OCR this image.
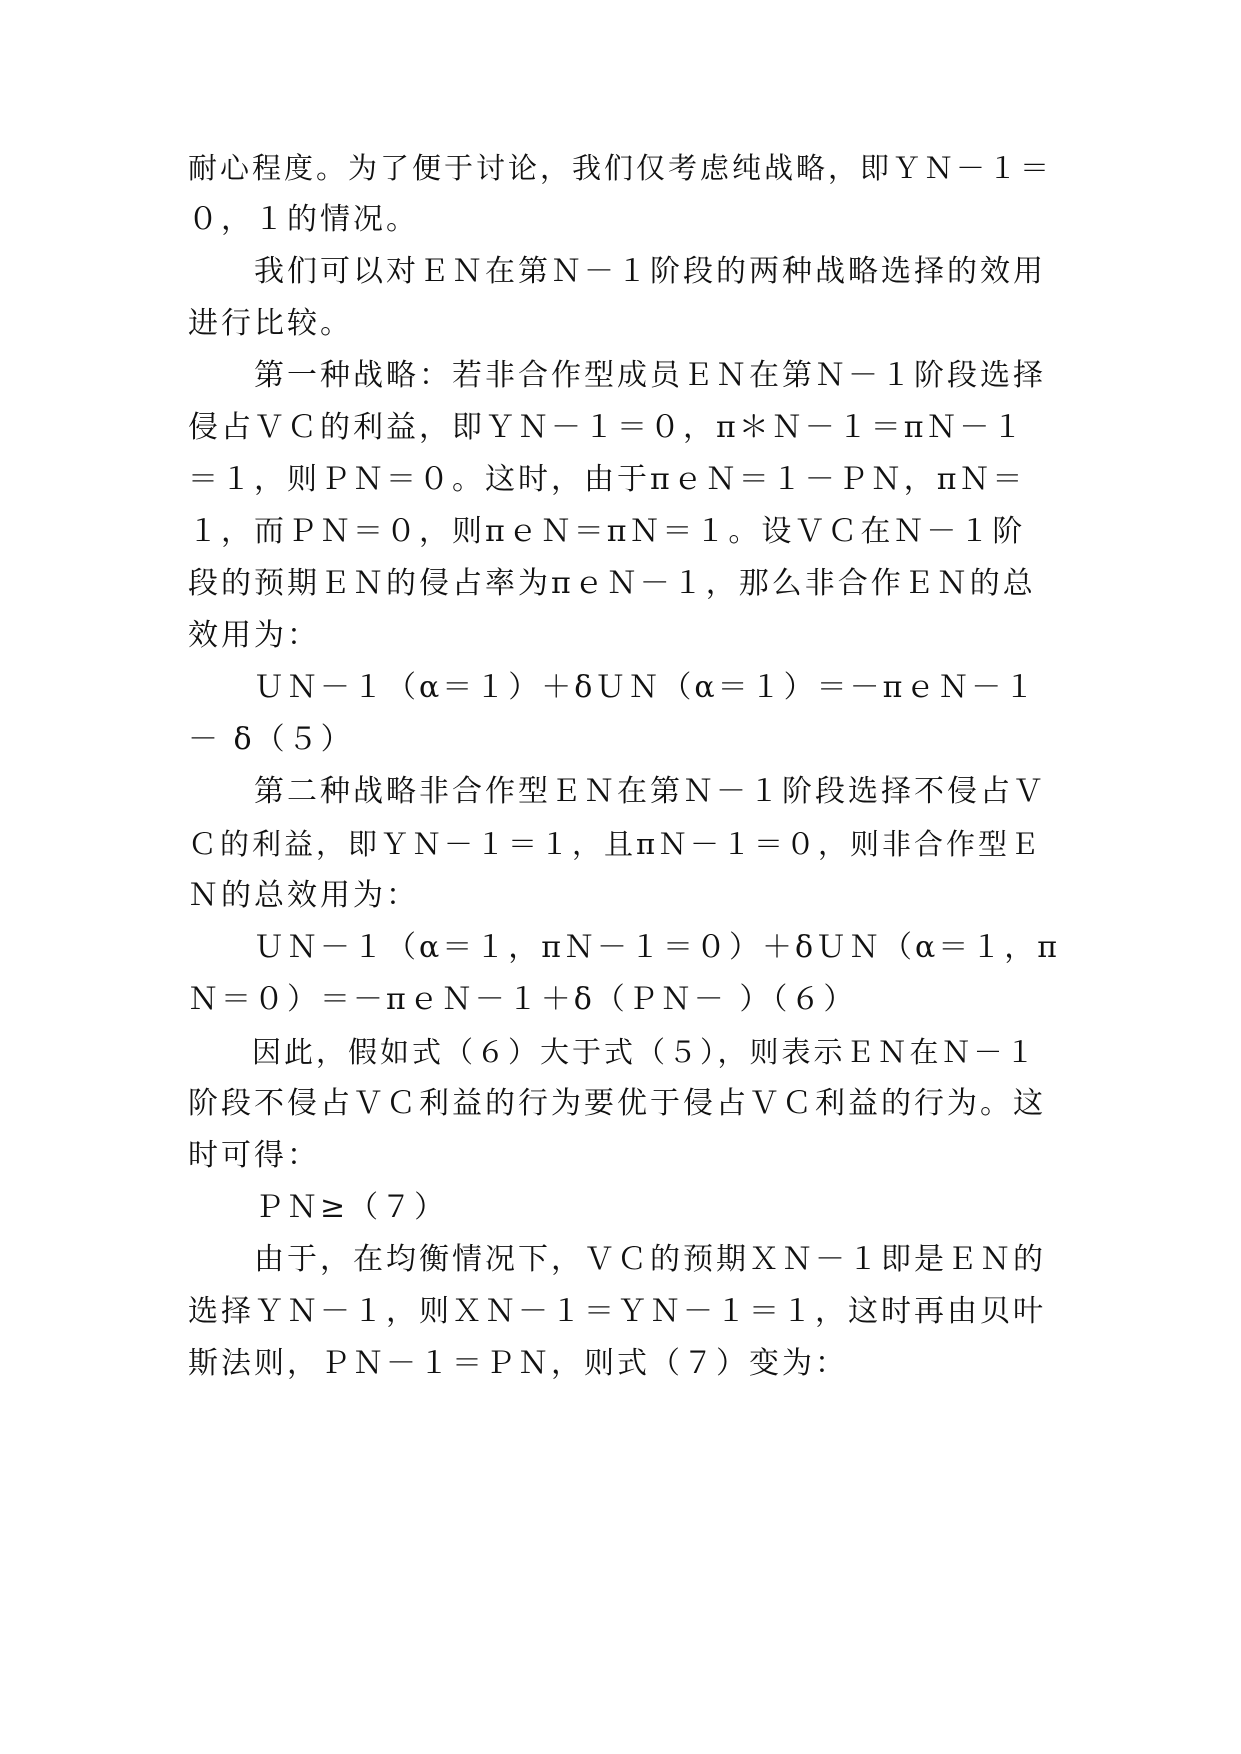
耐心程度。为了便于讨论，我们仅考虑纯战略，即ＹＮ－１＝
０，１的情况。
　　我们可以对ＥＮ在第Ｎ－１阶段的两种战略选择的效用
进行比较。
　　第一种战略：若非合作型成员ＥＮ在第Ｎ－１阶段选择
侵占ＶＣ的利益，即ＹＮ－１＝０，π＊Ｎ－１＝πＮ－１
＝１，则ＰＮ＝０。这时，由于πｅＮ＝１－ＰＮ，πＮ＝
１，而ＰＮ＝０，则πｅＮ＝πＮ＝１。设ＶＣ在Ｎ－１阶
段的预期ＥＮ的侵占率为πｅＮ－１，那么非合作ＥＮ的总
效用为：
　　ＵＮ－１（α＝１）＋δＵＮ（α＝１）＝－πｅＮ－１
－ δ（５）
　　第二种战略非合作型ＥＮ在第Ｎ－１阶段选择不侵占Ｖ
Ｃ的利益，即ＹＮ－１＝１，且πＮ－１＝０，则非合作型Ｅ
Ｎ的总效用为：
　　ＵＮ－１（α＝１，πＮ－１＝０）＋δＵＮ（α＝１，π
Ｎ＝０）＝－πｅＮ－１＋δ（ＰＮ－ ）（６）
　　因此，假如式（６）大于式（５），则表示ＥＮ在Ｎ－１
阶段不侵占ＶＣ利益的行为要优于侵占ＶＣ利益的行为。这
时可得：
　　ＰＮ≥（７）
　　由于，在均衡情况下，ＶＣ的预期ＸＮ－１即是ＥＮ的
选择ＹＮ－１，则ＸＮ－１＝ＹＮ－１＝１，这时再由贝叶
斯法则，ＰＮ－１＝ＰＮ，则式（７）变为：
